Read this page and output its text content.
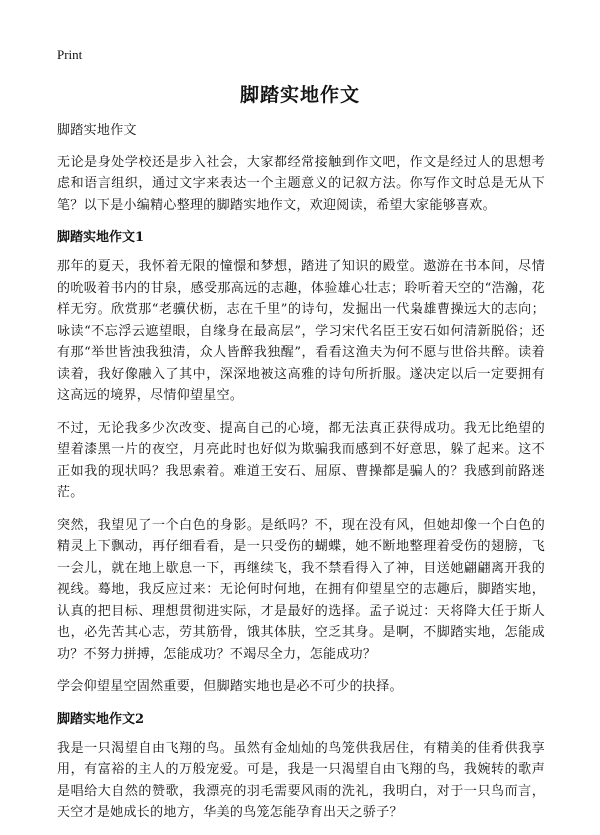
Print
脚踏实地作文

脚踏实地作文

无论是身处学校还是步入社会，大家都经常接触到作文吧，作文是经过人的思想考虑和语言组织，通过文字来表达一个主题意义的记叙方法。你写作文时总是无从下笔？以下是小编精心整理的脚踏实地作文，欢迎阅读，希望大家能够喜欢。

脚踏实地作文1

那年的夏天，我怀着无限的憧憬和梦想，踏进了知识的殿堂。遨游在书本间，尽情的吮吸着书内的甘泉，感受那高远的志趣，体验雄心壮志；聆听着天空的“浩瀚，花样无穷。欣赏那“老骥伏枥，志在千里”的诗句，发掘出一代枭雄曹操远大的志向；咏读“不忘浮云遮望眼，自缘身在最高层”，学习宋代名臣王安石如何清新脱俗；还有那“举世皆浊我独清，众人皆醉我独醒”，看看这渔夫为何不愿与世俗共醉。读着读着，我好像融入了其中，深深地被这高雅的诗句所折服。遂决定以后一定要拥有这高远的境界，尽情仰望星空。

不过，无论我多少次改变、提高自己的心境，都无法真正获得成功。我无比绝望的望着漆黑一片的夜空，月亮此时也好似为欺骗我而感到不好意思，躲了起来。这不正如我的现状吗？我思索着。难道王安石、屈原、曹操都是骗人的？我感到前路迷茫。

突然，我望见了一个白色的身影。是纸吗？不，现在没有风，但她却像一个白色的精灵上下飘动，再仔细看看，是一只受伤的蝴蝶，她不断地整理着受伤的翅膀，飞一会儿，就在地上歇息一下，再继续飞，我不禁看得入了神，目送她翩翩离开我的视线。蓦地，我反应过来：无论何时何地，在拥有仰望星空的志趣后，脚踏实地，认真的把目标、理想贯彻进实际，才是最好的选择。孟子说过：天将降大任于斯人也，必先苦其心志，劳其筋骨，饿其体肤，空乏其身。是啊，不脚踏实地，怎能成功？不努力拼搏，怎能成功？不竭尽全力，怎能成功？

学会仰望星空固然重要，但脚踏实地也是必不可少的抉择。

脚踏实地作文2

我是一只渴望自由飞翔的鸟。虽然有金灿灿的鸟笼供我居住，有精美的佳肴供我享用，有富裕的主人的万般宠爱。可是，我是一只渴望自由飞翔的鸟，我婉转的歌声是唱给大自然的赞歌，我漂亮的羽毛需要风雨的洗礼，我明白，对于一只鸟而言，天空才是她成长的地方，华美的鸟笼怎能孕育出天之骄子？
